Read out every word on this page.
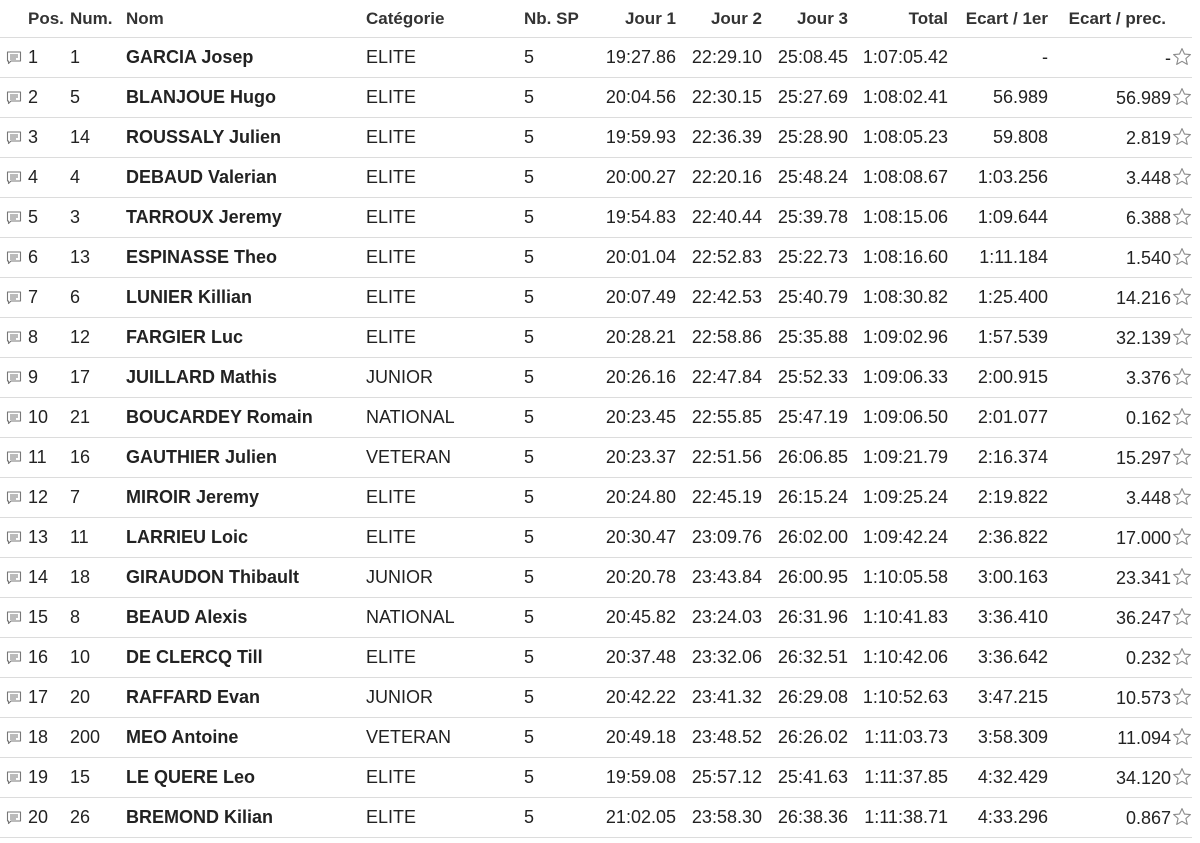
Pos.	Num.	Nom	Catégorie	Nb. SP	Jour 1	Jour 2	Jour 3	Total	Ecart / 1er	Ecart / prec.

1	1	GARCIA Josep	ELITE	5	19:27.86	22:29.10	25:08.45	1:07:05.42	-	-

2	5	BLANJOUE Hugo	ELITE	5	20:04.56	22:30.15	25:27.69	1:08:02.41	56.989	56.989

3	14	ROUSSALY Julien	ELITE	5	19:59.93	22:36.39	25:28.90	1:08:05.23	59.808	2.819

4	4	DEBAUD Valerian	ELITE	5	20:00.27	22:20.16	25:48.24	1:08:08.67	1:03.256	3.448

5	3	TARROUX Jeremy	ELITE	5	19:54.83	22:40.44	25:39.78	1:08:15.06	1:09.644	6.388

6	13	ESPINASSE Theo	ELITE	5	20:01.04	22:52.83	25:22.73	1:08:16.60	1:11.184	1.540

7	6	LUNIER Killian	ELITE	5	20:07.49	22:42.53	25:40.79	1:08:30.82	1:25.400	14.216

8	12	FARGIER Luc	ELITE	5	20:28.21	22:58.86	25:35.88	1:09:02.96	1:57.539	32.139

9	17	JUILLARD Mathis	JUNIOR	5	20:26.16	22:47.84	25:52.33	1:09:06.33	2:00.915	3.376

10	21	BOUCARDEY Romain	NATIONAL	5	20:23.45	22:55.85	25:47.19	1:09:06.50	2:01.077	0.162

11	16	GAUTHIER Julien	VETERAN	5	20:23.37	22:51.56	26:06.85	1:09:21.79	2:16.374	15.297

12	7	MIROIR Jeremy	ELITE	5	20:24.80	22:45.19	26:15.24	1:09:25.24	2:19.822	3.448

13	11	LARRIEU Loic	ELITE	5	20:30.47	23:09.76	26:02.00	1:09:42.24	2:36.822	17.000

14	18	GIRAUDON Thibault	JUNIOR	5	20:20.78	23:43.84	26:00.95	1:10:05.58	3:00.163	23.341

15	8	BEAUD Alexis	NATIONAL	5	20:45.82	23:24.03	26:31.96	1:10:41.83	3:36.410	36.247

16	10	DE CLERCQ Till	ELITE	5	20:37.48	23:32.06	26:32.51	1:10:42.06	3:36.642	0.232

17	20	RAFFARD Evan	JUNIOR	5	20:42.22	23:41.32	26:29.08	1:10:52.63	3:47.215	10.573

18	200	MEO Antoine	VETERAN	5	20:49.18	23:48.52	26:26.02	1:11:03.73	3:58.309	11.094

19	15	LE QUERE Leo	ELITE	5	19:59.08	25:57.12	25:41.63	1:11:37.85	4:32.429	34.120

20	26	BREMOND Kilian	ELITE	5	21:02.05	23:58.30	26:38.36	1:11:38.71	4:33.296	0.867
